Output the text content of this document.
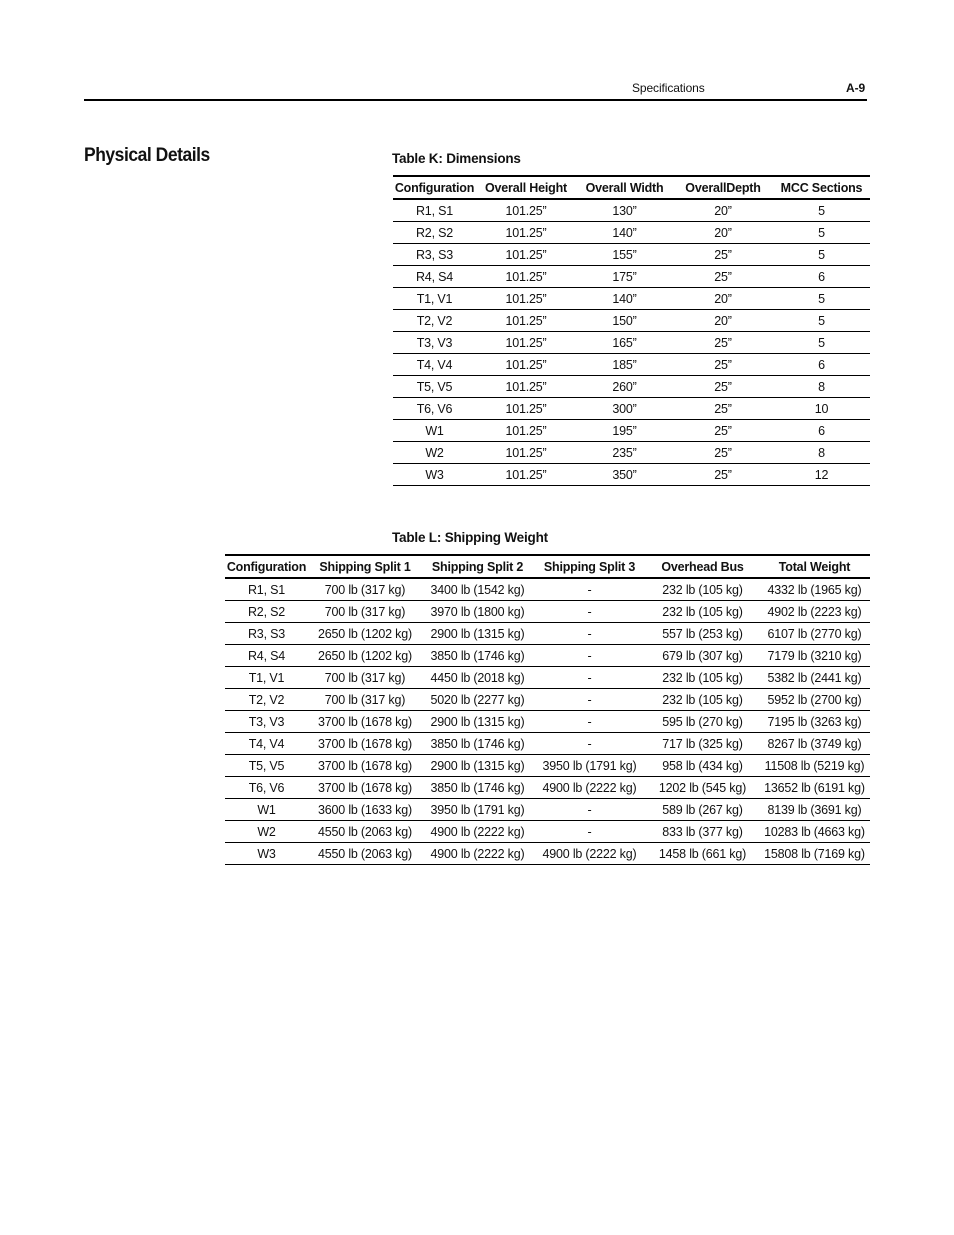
Specifications	A-9
Physical Details	Table K: Dimensions
Configuration	Overall Height	Overall Width	OverallDepth	MCC Sections
R1, S1	101.25”	130”	20”	5
R2, S2	101.25”	140”	20”	5
R3, S3	101.25”	155”	25”	5
R4, S4	101.25”	175”	25”	6
T1, V1	101.25”	140”	20”	5
T2, V2	101.25”	150”	20”	5
T3, V3	101.25”	165”	25”	5
T4, V4	101.25”	185”	25”	6
T5, V5	101.25”	260”	25”	8
T6, V6	101.25”	300”	25”	10
W1	101.25”	195”	25”	6
W2	101.25”	235”	25”	8
W3	101.25”	350”	25”	12
Table L: Shipping Weight
Configuration	Shipping Split 1	Shipping Split 2	Shipping Split 3	Overhead Bus	Total Weight
R1, S1	700 lb (317 kg)	3400 lb (1542 kg)	-	232 lb (105 kg)	4332 lb (1965 kg)
R2, S2	700 lb (317 kg)	3970 lb (1800 kg)	-	232 lb (105 kg)	4902 lb (2223 kg)
R3, S3	2650 lb (1202 kg)	2900 lb (1315 kg)	-	557 lb (253 kg)	6107 lb (2770 kg)
R4, S4	2650 lb (1202 kg)	3850 lb (1746 kg)	-	679 lb (307 kg)	7179 lb (3210 kg)
T1, V1	700 lb (317 kg)	4450 lb (2018 kg)	-	232 lb (105 kg)	5382 lb (2441 kg)
T2, V2	700 lb (317 kg)	5020 lb (2277 kg)	-	232 lb (105 kg)	5952 lb (2700 kg)
T3, V3	3700 lb (1678 kg)	2900 lb (1315 kg)	-	595 lb (270 kg)	7195 lb (3263 kg)
T4, V4	3700 lb (1678 kg)	3850 lb (1746 kg)	-	717 lb (325 kg)	8267 lb (3749 kg)
T5, V5	3700 lb (1678 kg)	2900 lb (1315 kg)	3950 lb (1791 kg)	958 lb (434 kg)	11508 lb (5219 kg)
T6, V6	3700 lb (1678 kg)	3850 lb (1746 kg)	4900 lb (2222 kg)	1202 lb (545 kg)	13652 lb (6191 kg)
W1	3600 lb (1633 kg)	3950 lb (1791 kg)	-	589 lb (267 kg)	8139 lb (3691 kg)
W2	4550 lb (2063 kg)	4900 lb (2222 kg)	-	833 lb (377 kg)	10283 lb (4663 kg)
W3	4550 lb (2063 kg)	4900 lb (2222 kg)	4900 lb (2222 kg)	1458 lb (661 kg)	15808 lb (7169 kg)
